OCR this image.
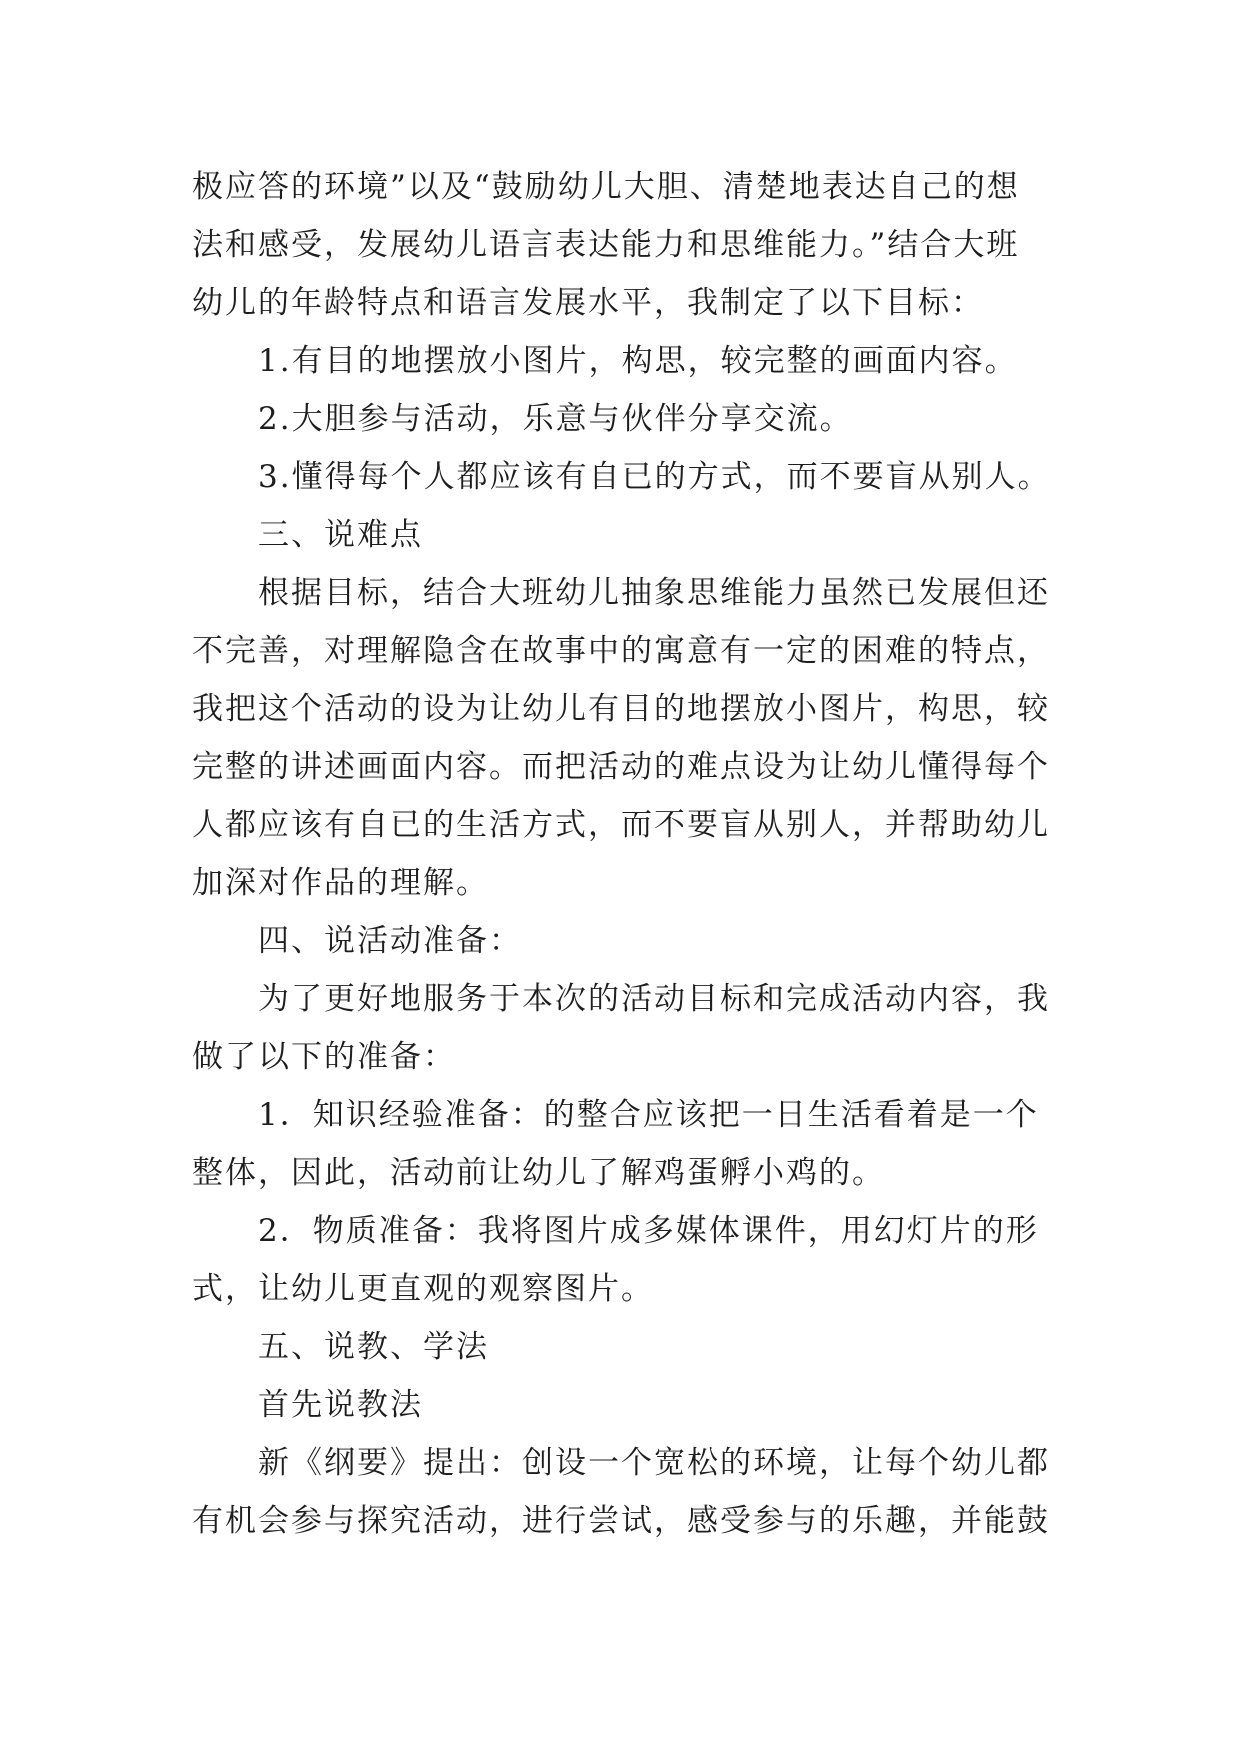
极应答的环境”以及“鼓励幼儿大胆、清楚地表达自己的想

法和感受，发展幼儿语言表达能力和思维能力。”结合大班

幼儿的年龄特点和语言发展水平，我制定了以下目标：

1.有目的地摆放小图片，构思，较完整的画面内容。

2.大胆参与活动，乐意与伙伴分享交流。

3.懂得每个人都应该有自已的方式，而不要盲从别人。

三、说难点

根据目标，结合大班幼儿抽象思维能力虽然已发展但还

不完善，对理解隐含在故事中的寓意有一定的困难的特点，

我把这个活动的设为让幼儿有目的地摆放小图片，构思，较

完整的讲述画面内容。而把活动的难点设为让幼儿懂得每个

人都应该有自已的生活方式，而不要盲从别人，并帮助幼儿

加深对作品的理解。

四、说活动准备：

为了更好地服务于本次的活动目标和完成活动内容，我

做了以下的准备：

1．知识经验准备：的整合应该把一日生活看着是一个

整体，因此，活动前让幼儿了解鸡蛋孵小鸡的。

2．物质准备：我将图片成多媒体课件，用幻灯片的形

式，让幼儿更直观的观察图片。

五、说教、学法

首先说教法

新《纲要》提出：创设一个宽松的环境，让每个幼儿都

有机会参与探究活动，进行尝试，感受参与的乐趣，并能鼓
